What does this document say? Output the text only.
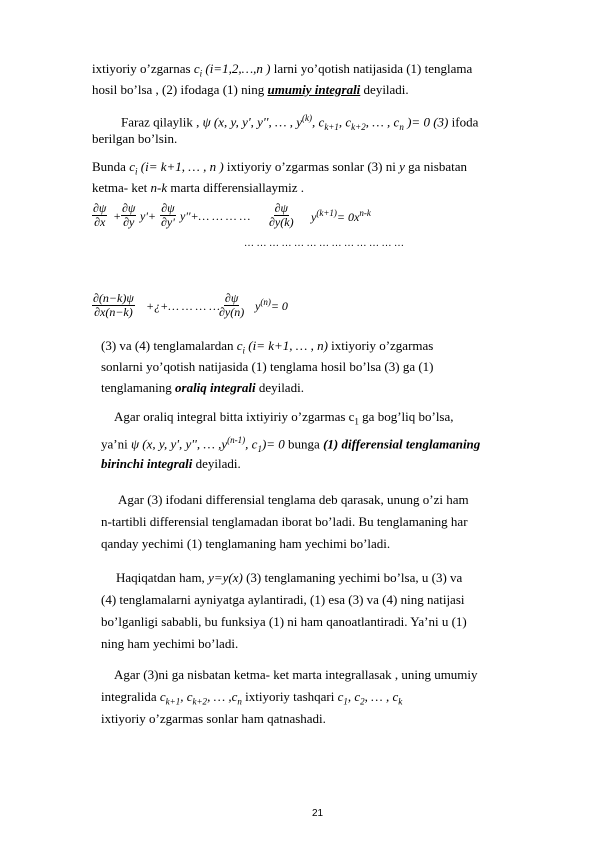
ixtiyoriy o’zgarnas $c_i$ (i=1,2,…,n ) larni yo’qotish natijasida (1) tenglama
hosil bo’lsa , (2) ifodaga (1) ning umumiy integrali deyiladi.
Faraz qilaylik , ψ (x, y, y', y'', … , $y^{(k)}$, $c_{k+1}$, $c_{k+2}$, … , $c_n$ )= 0 (3) ifoda
berilgan bo’lsin.
Bunda $c_i$ (i= k+1, … , n ) ixtiyoriy o’zgarmas sonlar (3) ni y ga nisbatan
ketma- ket n-k marta differensiallaymiz .
$\frac{\partial\psi}{\partial x} + \frac{\partial\psi}{\partial y} y'+ \frac{\partial\psi}{\partial y'}$ y''+… … … … $\frac{\partial\psi}{\partial y(k)} y^{(k+1)}= 0x^{n-k}$
… … … … … … … … … … … … …
$\frac{\partial(n-k)\psi}{\partial x(n-k)}$ +¿+… … … …
$\frac{\partial\psi}{\partial y(n)} y^{(n)}= 0$
(3) va (4) tenglamalardan $c_i$ (i= k+1, … , n) ixtiyoriy o’zgarmas
sonlarni yo’qotish natijasida (1) tenglama hosil bo’lsa (3) ga (1)
tenglamaning oraliq integrali deyiladi.
Agar oraliq integral bitta ixtiyiriy o’zgarmas $c_1$ ga bog’liq bo’lsa,
ya’ni ψ (x, y, y', y'', … $,y^{(n-1)}$, $c_1)= 0$ bunga (1) differensial tenglamaning
birinchi integrali deyiladi.
Agar (3) ifodani differensial tenglama deb qarasak, unung o’zi ham
n-tartibli differensial tenglamadan iborat bo’ladi. Bu tenglamaning har
qanday yechimi (1) tenglamaning ham yechimi bo’ladi.
Haqiqatdan ham, y=y(x) (3) tenglamaning yechimi bo’lsa, u (3) va
(4) tenglamalarni ayniyatga aylantiradi, (1) esa (3) va (4) ning natijasi
bo’lganligi sababli, bu funksiya (1) ni ham qanoatlantiradi. Ya’ni u (1)
ning ham yechimi bo’ladi.
Agar (3)ni ga nisbatan ketma- ket marta integrallasak , uning umumiy
integralida $c_{k+1}$, $c_{k+2}$, … $,c_n$ ixtiyoriy tashqari $c_1$, $c_2$, … , $c_k$
ixtiyoriy o’zgarmas sonlar ham qatnashadi.
21
